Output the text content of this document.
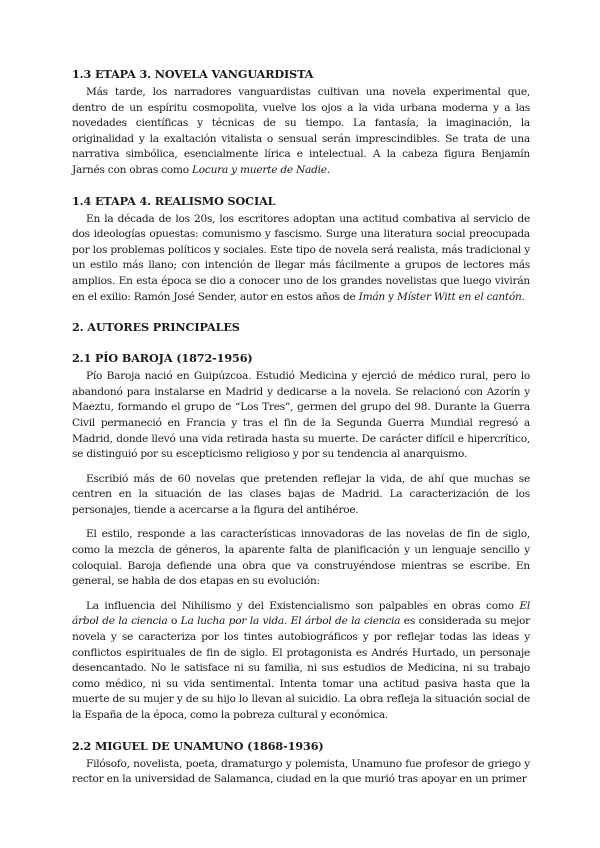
1.3 ETAPA 3. NOVELA VANGUARDISTA

Más tarde, los narradores vanguardistas cultivan una novela experimental que, dentro de un espíritu cosmopolita, vuelve los ojos a la vida urbana moderna y a las novedades científicas y técnicas de su tiempo. La fantasía, la imaginación, la originalidad y la exaltación vitalista o sensual serán imprescindibles. Se trata de una narrativa simbólica, esencialmente lírica e intelectual. A la cabeza figura Benjamín Jarnés con obras como Locura y muerte de Nadie.

1.4 ETAPA 4. REALISMO SOCIAL

En la década de los 20s, los escritores adoptan una actitud combativa al servicio de dos ideologías opuestas: comunismo y fascismo. Surge una literatura social preocupada por los problemas políticos y sociales. Este tipo de novela será realista, más tradicional y un estilo más llano; con intención de llegar más fácilmente a grupos de lectores más amplios. En esta época se dio a conocer uno de los grandes novelistas que luego vivirán en el exilio: Ramón José Sender, autor en estos años de Imán y Míster Witt en el cantón.

2. AUTORES PRINCIPALES
2.1 PÍO BAROJA (1872-1956)

Pío Baroja nació en Guipúzcoa. Estudió Medicina y ejerció de médico rural, pero lo abandonó para instalarse en Madrid y dedicarse a la novela. Se relacionó con Azorín y Maeztu, formando el grupo de “Los Tres”, germen del grupo del 98. Durante la Guerra Civil permaneció en Francia y tras el fin de la Segunda Guerra Mundial regresó a Madrid, donde llevó una vida retirada hasta su muerte. De carácter difícil e hipercrítico, se distinguió por su escepticismo religioso y por su tendencia al anarquismo.

Escribió más de 60 novelas que pretenden reflejar la vida, de ahí que muchas se centren en la situación de las clases bajas de Madrid. La caracterización de los personajes, tiende a acercarse a la figura del antihéroe.

El estilo, responde a las características innovadoras de las novelas de fin de siglo, como la mezcla de géneros, la aparente falta de planificación y un lenguaje sencillo y coloquial. Baroja defiende una obra que va construyéndose mientras se escribe. En general, se habla de dos etapas en su evolución:

La influencia del Nihilismo y del Existencialismo son palpables en obras como El árbol de la ciencia o La lucha por la vida. El árbol de la ciencia es considerada su mejor novela y se caracteriza por los tintes autobiográficos y por reflejar todas las ideas y conflictos espirituales de fin de siglo. El protagonista es Andrés Hurtado, un personaje desencantado. No le satisface ni su familia, ni sus estudios de Medicina, ni su trabajo como médico, ni su vida sentimental. Intenta tomar una actitud pasiva hasta que la muerte de su mujer y de su hijo lo llevan al suicidio. La obra refleja la situación social de la España de la época, como la pobreza cultural y económica.

2.2 MIGUEL DE UNAMUNO (1868-1936)

Filósofo, novelista, poeta, dramaturgo y polemista, Unamuno fue profesor de griego y rector en la universidad de Salamanca, ciudad en la que murió tras apoyar en un primer
